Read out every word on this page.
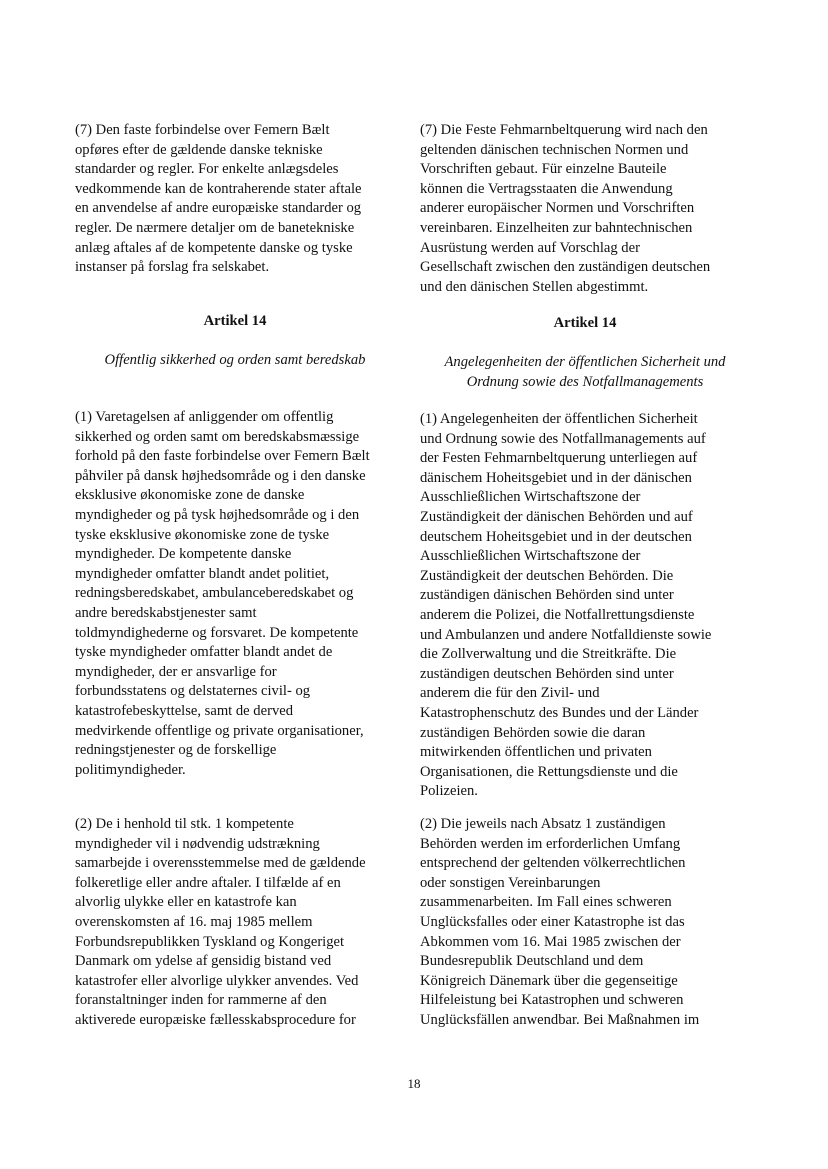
(7) Den faste forbindelse over Femern Bælt
opføres efter de gældende danske tekniske
standarder og regler. For enkelte anlægsdeles
vedkommende kan de kontraherende stater aftale
en anvendelse af andre europæiske standarder og
regler. De nærmere detaljer om de banetekniske
anlæg aftales af de kompetente danske og tyske
instanser på forslag fra selskabet.

Artikel 14

Offentlig sikkerhed og orden samt beredskab

(1) Varetagelsen af anliggender om offentlig
sikkerhed og orden samt om beredskabsmæssige
forhold på den faste forbindelse over Femern Bælt
påhviler på dansk højhedsområde og i den danske
eksklusive økonomiske zone de danske
myndigheder og på tysk højhedsområde og i den
tyske eksklusive økonomiske zone de tyske
myndigheder. De kompetente danske
myndigheder omfatter blandt andet politiet,
redningsberedskabet, ambulanceberedskabet og
andre beredskabstjenester samt
toldmyndighederne og forsvaret. De kompetente
tyske myndigheder omfatter blandt andet de
myndigheder, der er ansvarlige for
forbundsstatens og delstaternes civil- og
katastrofebeskyttelse, samt de derved
medvirkende offentlige og private organisationer,
redningstjenester og de forskellige
politimyndigheder.

(2) De i henhold til stk. 1 kompetente
myndigheder vil i nødvendig udstrækning
samarbejde i overensstemmelse med de gældende
folkeretlige eller andre aftaler. I tilfælde af en
alvorlig ulykke eller en katastrofe kan
overenskomsten af 16. maj 1985 mellem
Forbundsrepublikken Tyskland og Kongeriget
Danmark om ydelse af gensidig bistand ved
katastrofer eller alvorlige ulykker anvendes. Ved
foranstaltninger inden for rammerne af den
aktiverede europæiske fællesskabsprocedure for

(7) Die Feste Fehmarnbeltquerung wird nach den
geltenden dänischen technischen Normen und
Vorschriften gebaut. Für einzelne Bauteile
können die Vertragsstaaten die Anwendung
anderer europäischer Normen und Vorschriften
vereinbaren. Einzelheiten zur bahntechnischen
Ausrüstung werden auf Vorschlag der
Gesellschaft zwischen den zuständigen deutschen
und den dänischen Stellen abgestimmt.

Artikel 14

Angelegenheiten der öffentlichen Sicherheit und
Ordnung sowie des Notfallmanagements

(1) Angelegenheiten der öffentlichen Sicherheit
und Ordnung sowie des Notfallmanagements auf
der Festen Fehmarnbeltquerung unterliegen auf
dänischem Hoheitsgebiet und in der dänischen
Ausschließlichen Wirtschaftszone der
Zuständigkeit der dänischen Behörden und auf
deutschem Hoheitsgebiet und in der deutschen
Ausschließlichen Wirtschaftszone der
Zuständigkeit der deutschen Behörden. Die
zuständigen dänischen Behörden sind unter
anderem die Polizei, die Notfallrettungsdienste
und Ambulanzen und andere Notfalldienste sowie
die Zollverwaltung und die Streitkräfte. Die
zuständigen deutschen Behörden sind unter
anderem die für den Zivil- und
Katastrophenschutz des Bundes und der Länder
zuständigen Behörden sowie die daran
mitwirkenden öffentlichen und privaten
Organisationen, die Rettungsdienste und die
Polizeien.

(2) Die jeweils nach Absatz 1 zuständigen
Behörden werden im erforderlichen Umfang
entsprechend der geltenden völkerrechtlichen
oder sonstigen Vereinbarungen
zusammenarbeiten. Im Fall eines schweren
Unglücksfalles oder einer Katastrophe ist das
Abkommen vom 16. Mai 1985 zwischen der
Bundesrepublik Deutschland und dem
Königreich Dänemark über die gegenseitige
Hilfeleistung bei Katastrophen und schweren
Unglücksfällen anwendbar. Bei Maßnahmen im

18
